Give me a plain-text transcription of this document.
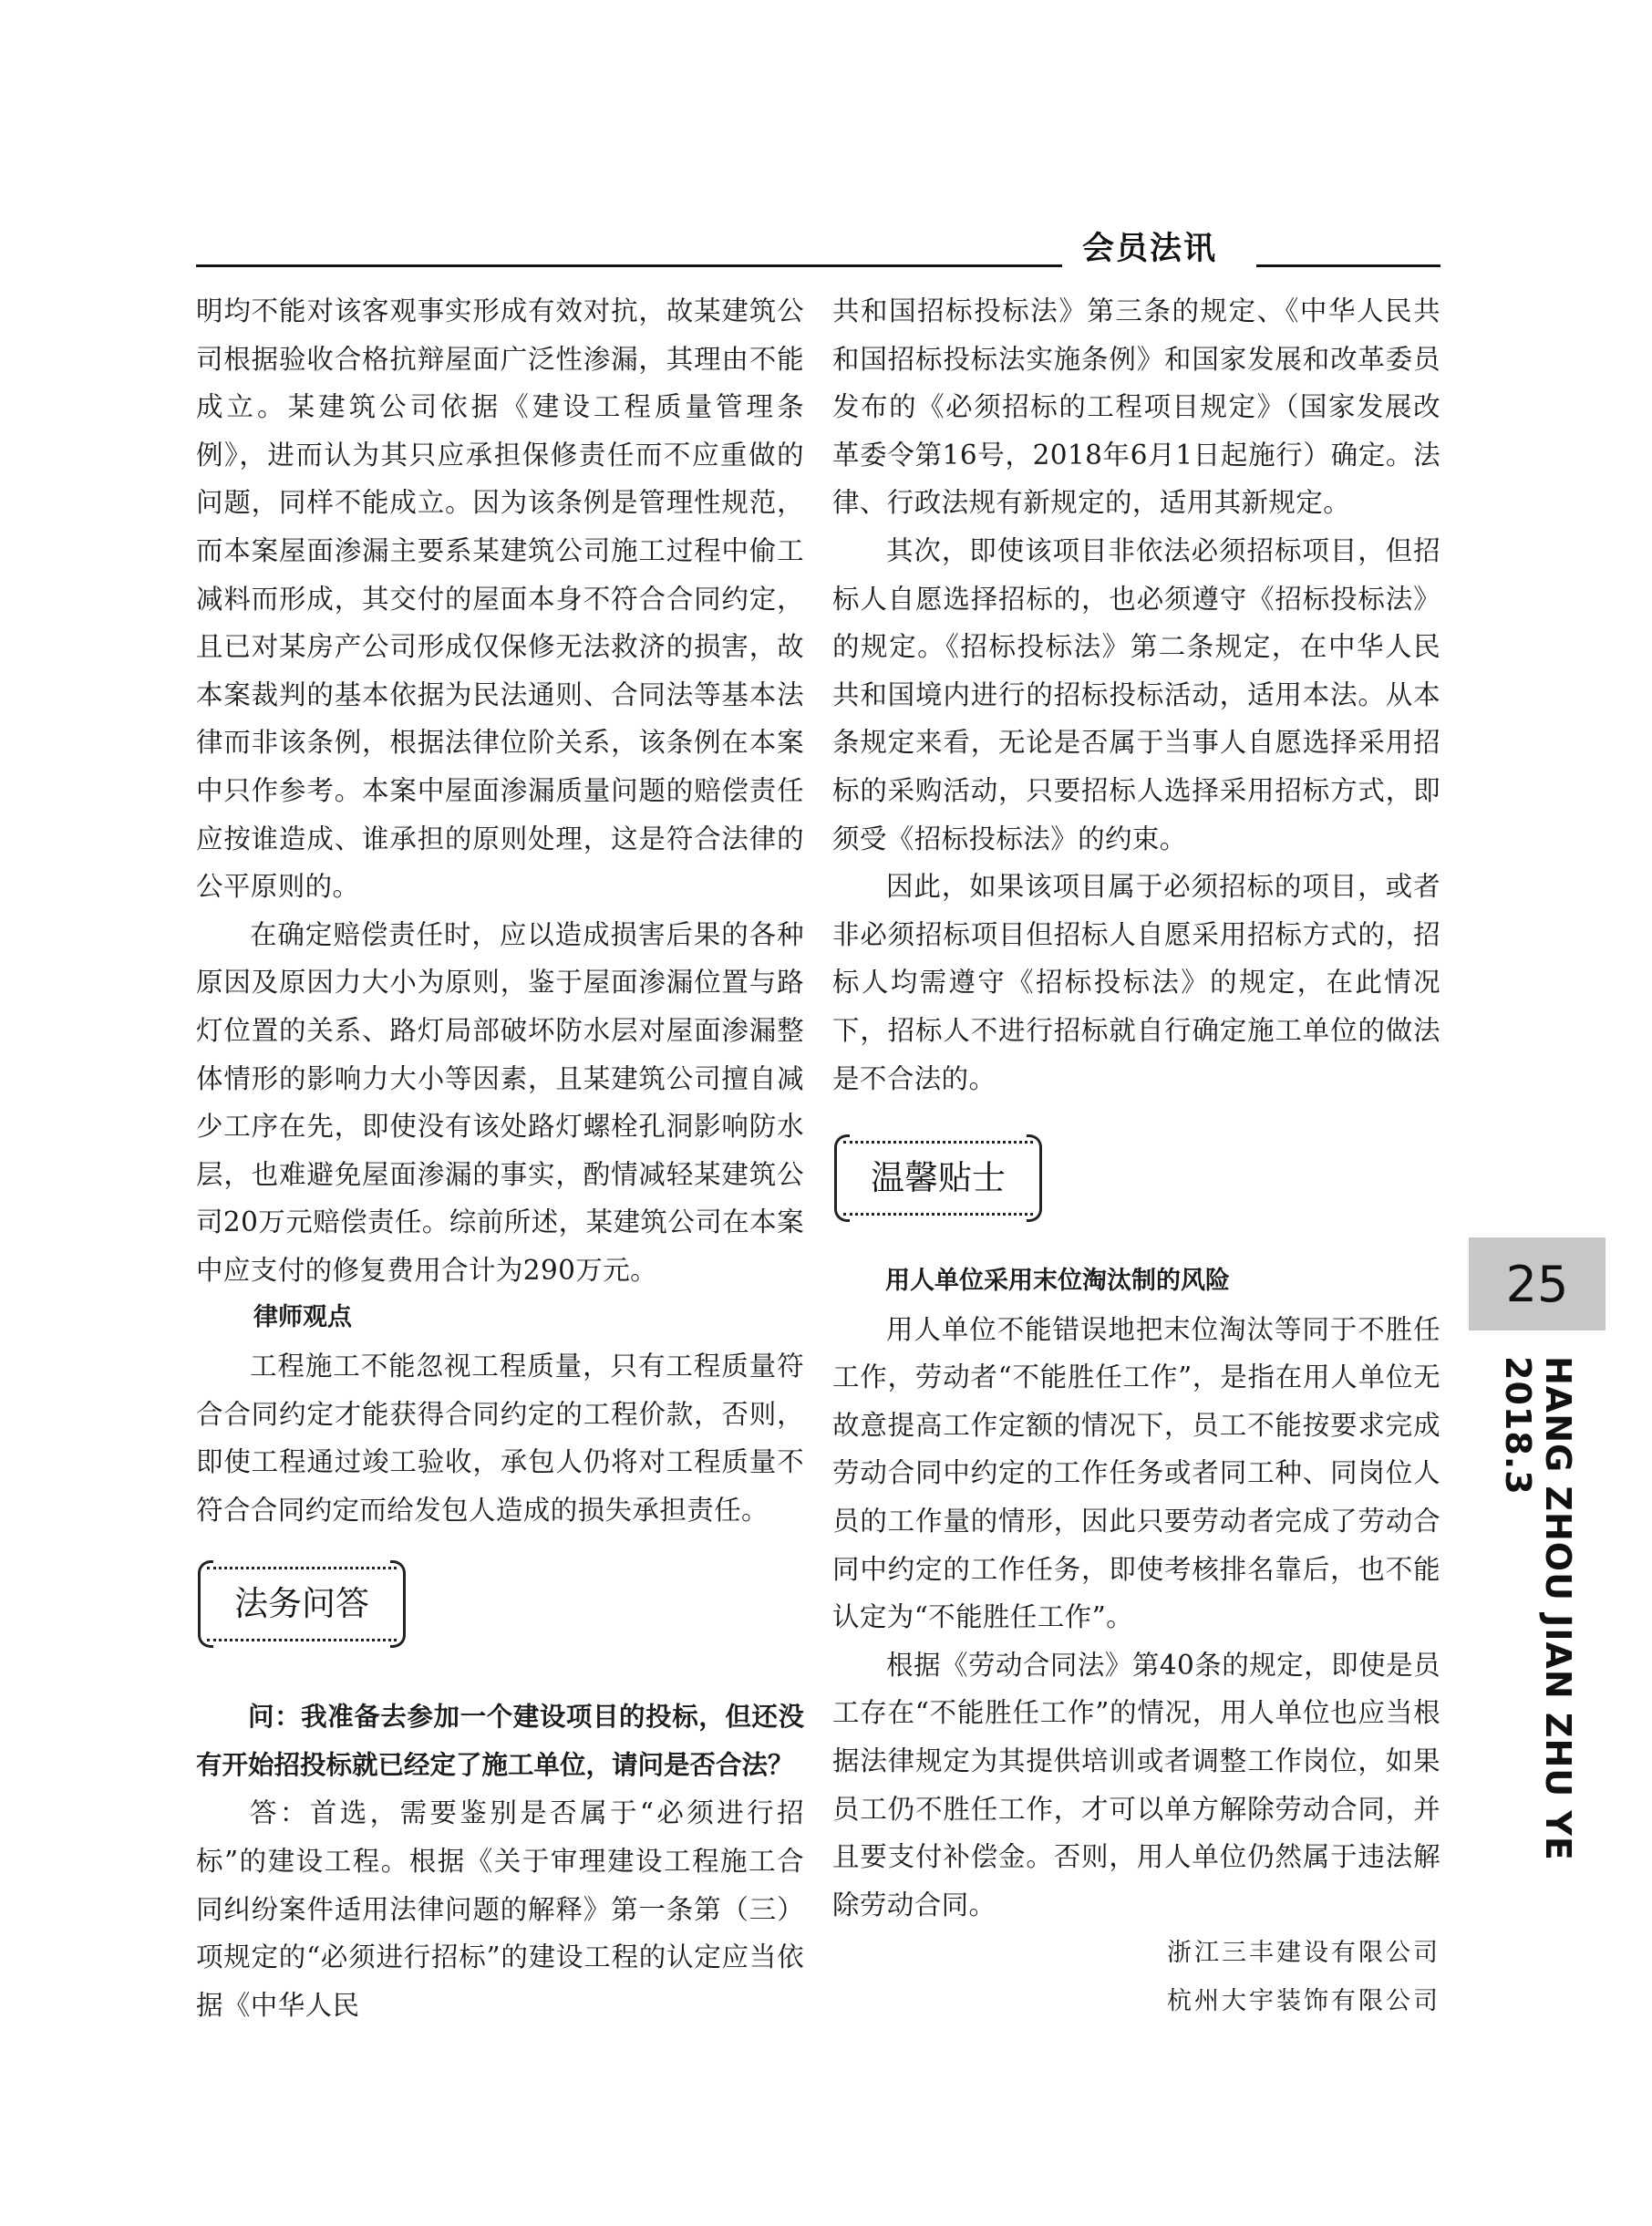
会员法讯

明均不能对该客观事实形成有效对抗，故某建筑公司根据验收合格抗辩屋面广泛性渗漏，其理由不能成立。某建筑公司依据《建设工程质量管理条例》，进而认为其只应承担保修责任而不应重做的问题，同样不能成立。因为该条例是管理性规范，而本案屋面渗漏主要系某建筑公司施工过程中偷工减料而形成，其交付的屋面本身不符合合同约定，且已对某房产公司形成仅保修无法救济的损害，故本案裁判的基本依据为民法通则、合同法等基本法律而非该条例，根据法律位阶关系，该条例在本案中只作参考。本案中屋面渗漏质量问题的赔偿责任应按谁造成、谁承担的原则处理，这是符合法律的公平原则的。

在确定赔偿责任时，应以造成损害后果的各种原因及原因力大小为原则，鉴于屋面渗漏位置与路灯位置的关系、路灯局部破坏防水层对屋面渗漏整体情形的影响力大小等因素，且某建筑公司擅自减少工序在先，即使没有该处路灯螺栓孔洞影响防水层，也难避免屋面渗漏的事实，酌情减轻某建筑公司20万元赔偿责任。综前所述，某建筑公司在本案中应支付的修复费用合计为290万元。

律师观点

工程施工不能忽视工程质量，只有工程质量符合合同约定才能获得合同约定的工程价款，否则，即使工程通过竣工验收，承包人仍将对工程质量不符合合同约定而给发包人造成的损失承担责任。

法务问答

问：我准备去参加一个建设项目的投标，但还没有开始招投标就已经定了施工单位，请问是否合法？

答：首选，需要鉴别是否属于“必须进行招标”的建设工程。根据《关于审理建设工程施工合同纠纷案件适用法律问题的解释》第一条第（三）项规定的“必须进行招标”的建设工程的认定应当依据《中华人民

共和国招标投标法》第三条的规定、《中华人民共和国招标投标法实施条例》和国家发展和改革委员发布的《必须招标的工程项目规定》（国家发展改革委令第16号，2018年6月1日起施行）确定。法律、行政法规有新规定的，适用其新规定。

其次，即使该项目非依法必须招标项目，但招标人自愿选择招标的，也必须遵守《招标投标法》的规定。《招标投标法》第二条规定，在中华人民共和国境内进行的招标投标活动，适用本法。从本条规定来看，无论是否属于当事人自愿选择采用招标的采购活动，只要招标人选择采用招标方式，即须受《招标投标法》的约束。

因此，如果该项目属于必须招标的项目，或者非必须招标项目但招标人自愿采用招标方式的，招标人均需遵守《招标投标法》的规定，在此情况下，招标人不进行招标就自行确定施工单位的做法是不合法的。

温馨贴士

用人单位采用末位淘汰制的风险

用人单位不能错误地把末位淘汰等同于不胜任工作，劳动者“不能胜任工作”，是指在用人单位无故意提高工作定额的情况下，员工不能按要求完成劳动合同中约定的工作任务或者同工种、同岗位人员的工作量的情形，因此只要劳动者完成了劳动合同中约定的工作任务，即使考核排名靠后，也不能认定为“不能胜任工作”。

根据《劳动合同法》第40条的规定，即使是员工存在“不能胜任工作”的情况，用人单位也应当根据法律规定为其提供培训或者调整工作岗位，如果员工仍不胜任工作，才可以单方解除劳动合同，并且要支付补偿金。否则，用人单位仍然属于违法解除劳动合同。

浙江三丰建设有限公司

杭州大宇装饰有限公司

25
HANG ZHOU JIAN ZHU YE 2018.3
